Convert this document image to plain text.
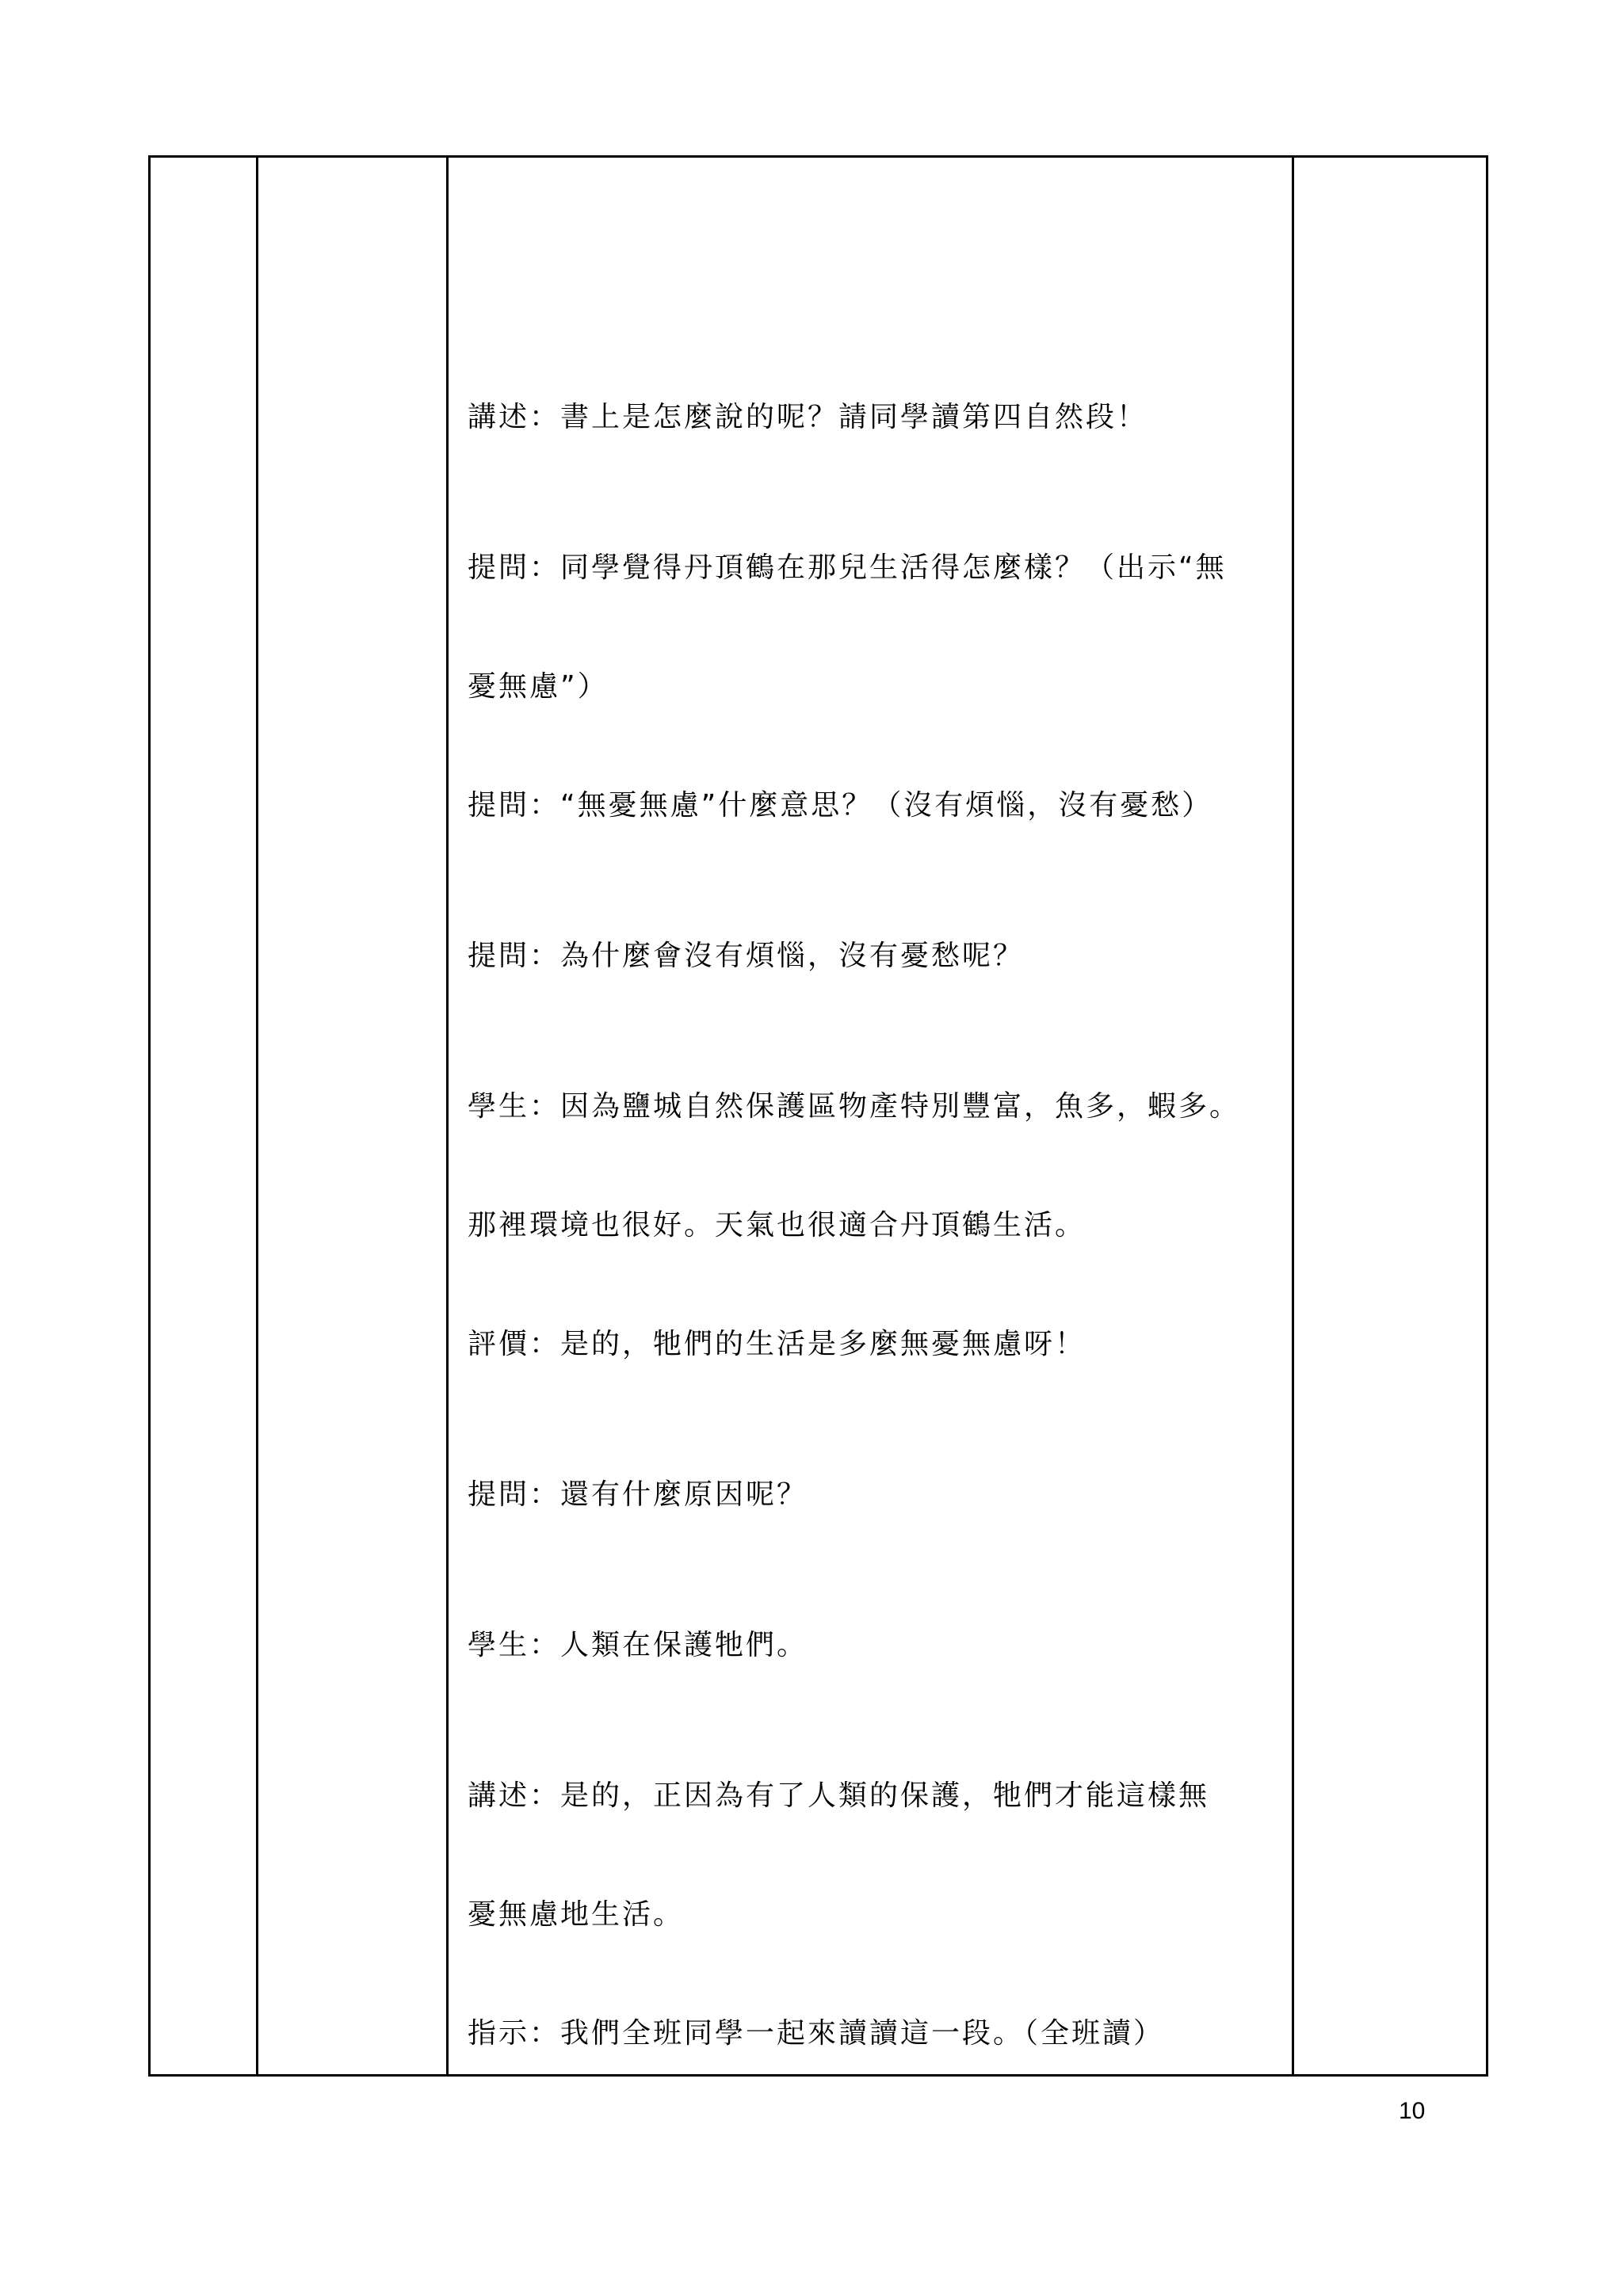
講述：書上是怎麼說的呢？請同學讀第四自然段！
提問：同學覺得丹頂鶴在那兒生活得怎麼樣？（出示“無
憂無慮”）
提問：“無憂無慮”什麼意思？（沒有煩惱，沒有憂愁）
提問：為什麼會沒有煩惱，沒有憂愁呢？
學生：因為鹽城自然保護區物產特別豐富，魚多，蝦多。
那裡環境也很好。天氣也很適合丹頂鶴生活。
評價：是的，牠們的生活是多麼無憂無慮呀！
提問：還有什麼原因呢？
學生：人類在保護牠們。
講述：是的，正因為有了人類的保護，牠們才能這樣無
憂無慮地生活。
指示：我們全班同學一起來讀讀這一段。（全班讀）
10
